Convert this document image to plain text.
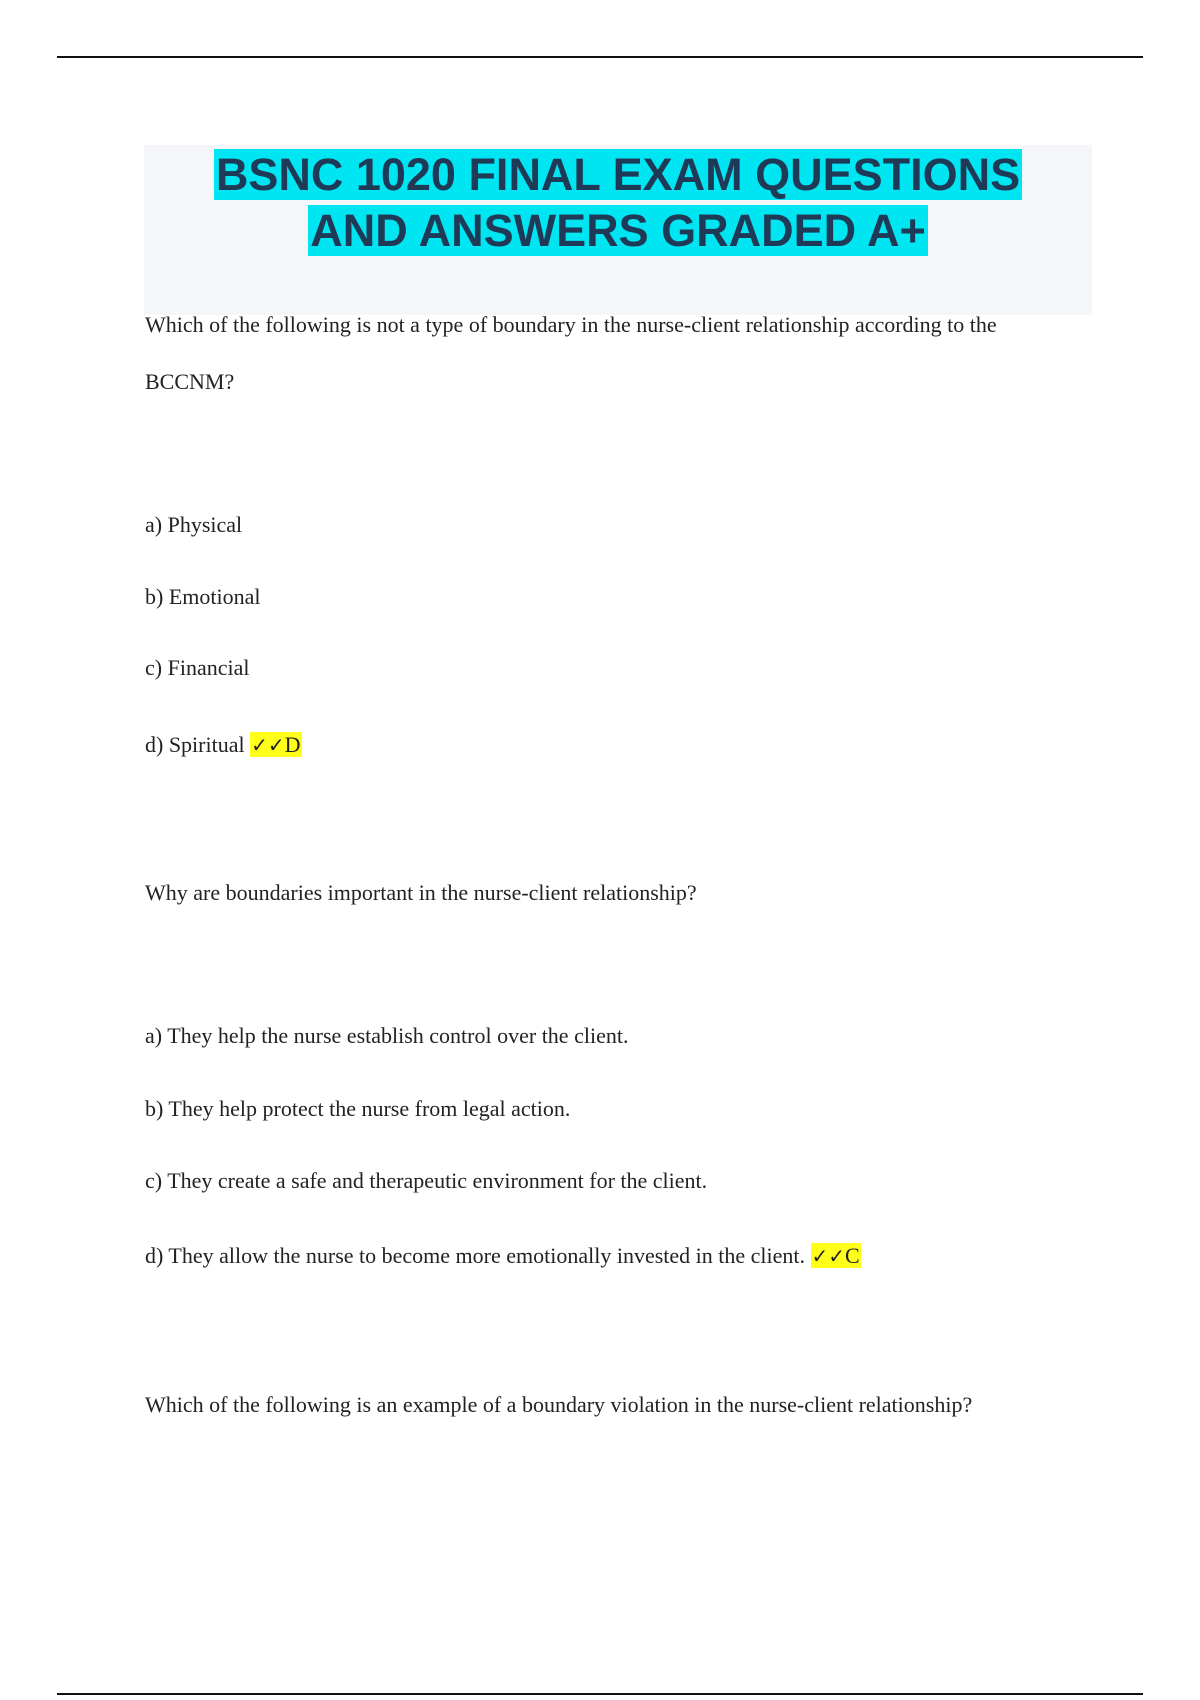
BSNC 1020 FINAL EXAM QUESTIONS AND ANSWERS GRADED A+
Which of the following is not a type of boundary in the nurse-client relationship according to the
BCCNM?
a) Physical
b) Emotional
c) Financial
d) Spiritual ✓✓D
Why are boundaries important in the nurse-client relationship?
a) They help the nurse establish control over the client.
b) They help protect the nurse from legal action.
c) They create a safe and therapeutic environment for the client.
d) They allow the nurse to become more emotionally invested in the client. ✓✓C
Which of the following is an example of a boundary violation in the nurse-client relationship?
